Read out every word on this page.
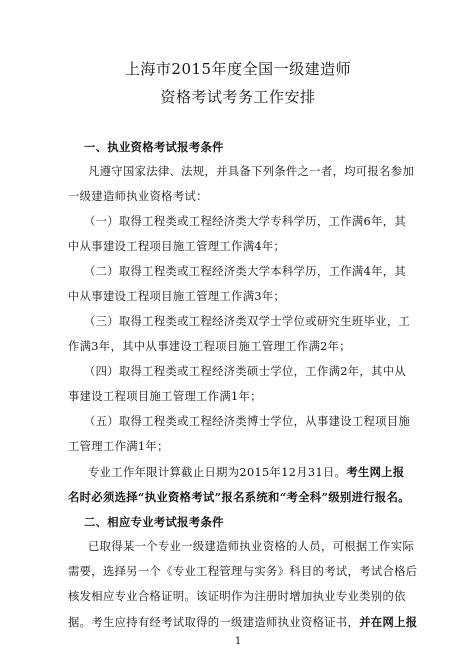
上海市2015年度全国一级建造师
资格考试考务工作安排
一、执业资格考试报考条件
凡遵守国家法律、法规，并具备下列条件之一者，均可报名参加
一级建造师执业资格考试：
（一）取得工程类或工程经济类大学专科学历，工作满6年，其
中从事建设工程项目施工管理工作满4年；
（二）取得工程类或工程经济类大学本科学历，工作满4年，其
中从事建设工程项目施工管理工作满3年；
（三）取得工程类或工程经济类双学士学位或研究生班毕业，工
作满3年，其中从事建设工程项目施工管理工作满2年；
（四）取得工程类或工程经济类硕士学位，工作满2年，其中从
事建设工程项目施工管理工作满1年；
（五）取得工程类或工程经济类博士学位，从事建设工程项目施
工管理工作满1年；
专业工作年限计算截止日期为2015年12月31日。考生网上报
名时必须选择“执业资格考试”报名系统和“考全科”级别进行报名。
二、相应专业考试报考条件
已取得某一个专业一级建造师执业资格的人员，可根据工作实际
需要，选择另一个《专业工程管理与实务》科目的考试，考试合格后
核发相应专业合格证明。该证明作为注册时增加执业专业类别的依
据。考生应持有经考试取得的一级建造师执业资格证书，并在网上报
1
